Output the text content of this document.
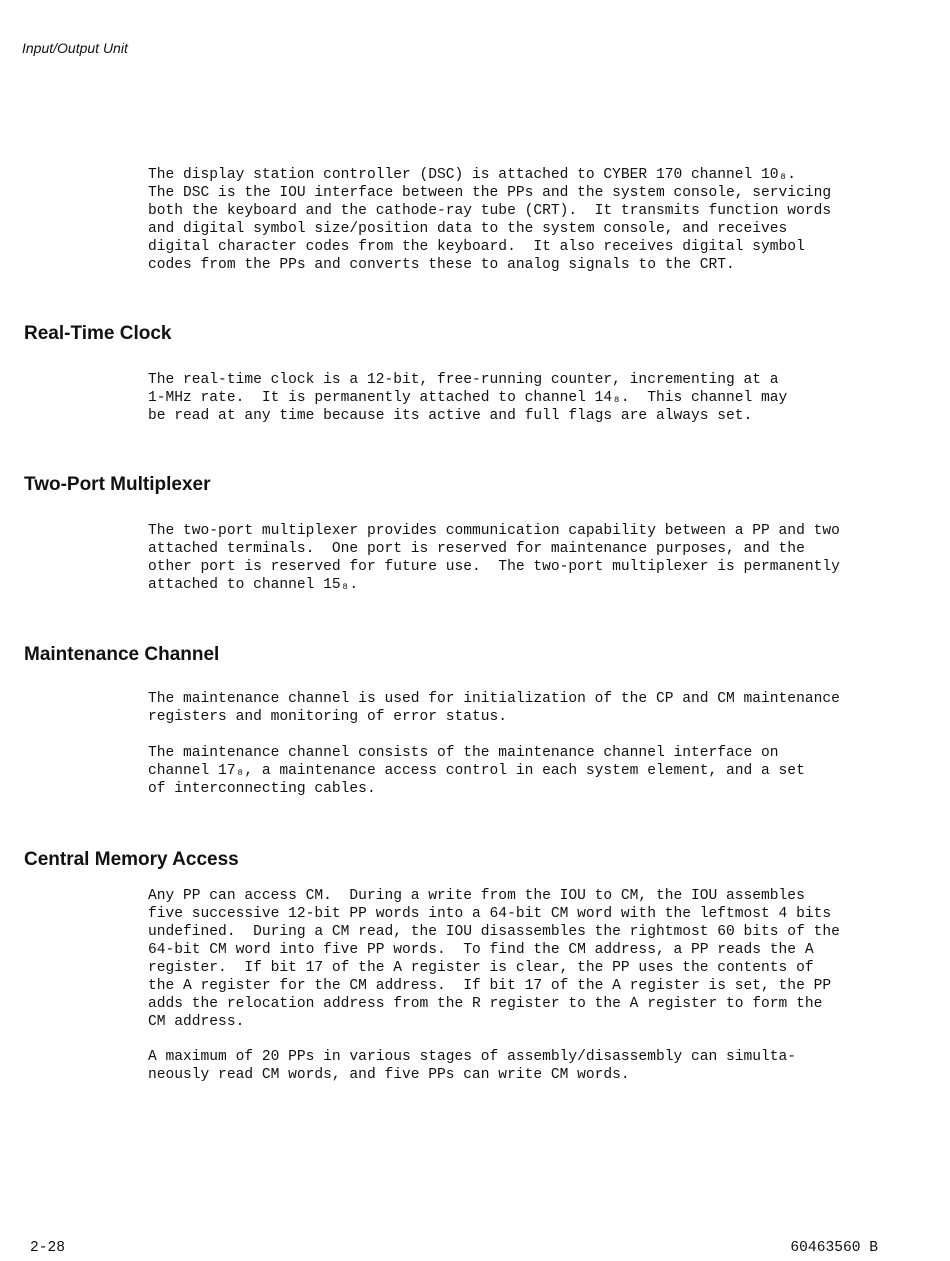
Input/Output Unit

The display station controller (DSC) is attached to CYBER 170 channel 10₈.
The DSC is the IOU interface between the PPs and the system console, servicing
both the keyboard and the cathode-ray tube (CRT).  It transmits function words
and digital symbol size/position data to the system console, and receives
digital character codes from the keyboard.  It also receives digital symbol
codes from the PPs and converts these to analog signals to the CRT.

Real-Time Clock

The real-time clock is a 12-bit, free-running counter, incrementing at a
1-MHz rate.  It is permanently attached to channel 14₈.  This channel may
be read at any time because its active and full flags are always set.

Two-Port Multiplexer

The two-port multiplexer provides communication capability between a PP and two
attached terminals.  One port is reserved for maintenance purposes, and the
other port is reserved for future use.  The two-port multiplexer is permanently
attached to channel 15₈.

Maintenance Channel

The maintenance channel is used for initialization of the CP and CM maintenance
registers and monitoring of error status.

The maintenance channel consists of the maintenance channel interface on
channel 17₈, a maintenance access control in each system element, and a set
of interconnecting cables.

Central Memory Access

Any PP can access CM.  During a write from the IOU to CM, the IOU assembles
five successive 12-bit PP words into a 64-bit CM word with the leftmost 4 bits
undefined.  During a CM read, the IOU disassembles the rightmost 60 bits of the
64-bit CM word into five PP words.  To find the CM address, a PP reads the A
register.  If bit 17 of the A register is clear, the PP uses the contents of
the A register for the CM address.  If bit 17 of the A register is set, the PP
adds the relocation address from the R register to the A register to form the
CM address.

A maximum of 20 PPs in various stages of assembly/disassembly can simulta-
neously read CM words, and five PPs can write CM words.

2-28	60463560 B
